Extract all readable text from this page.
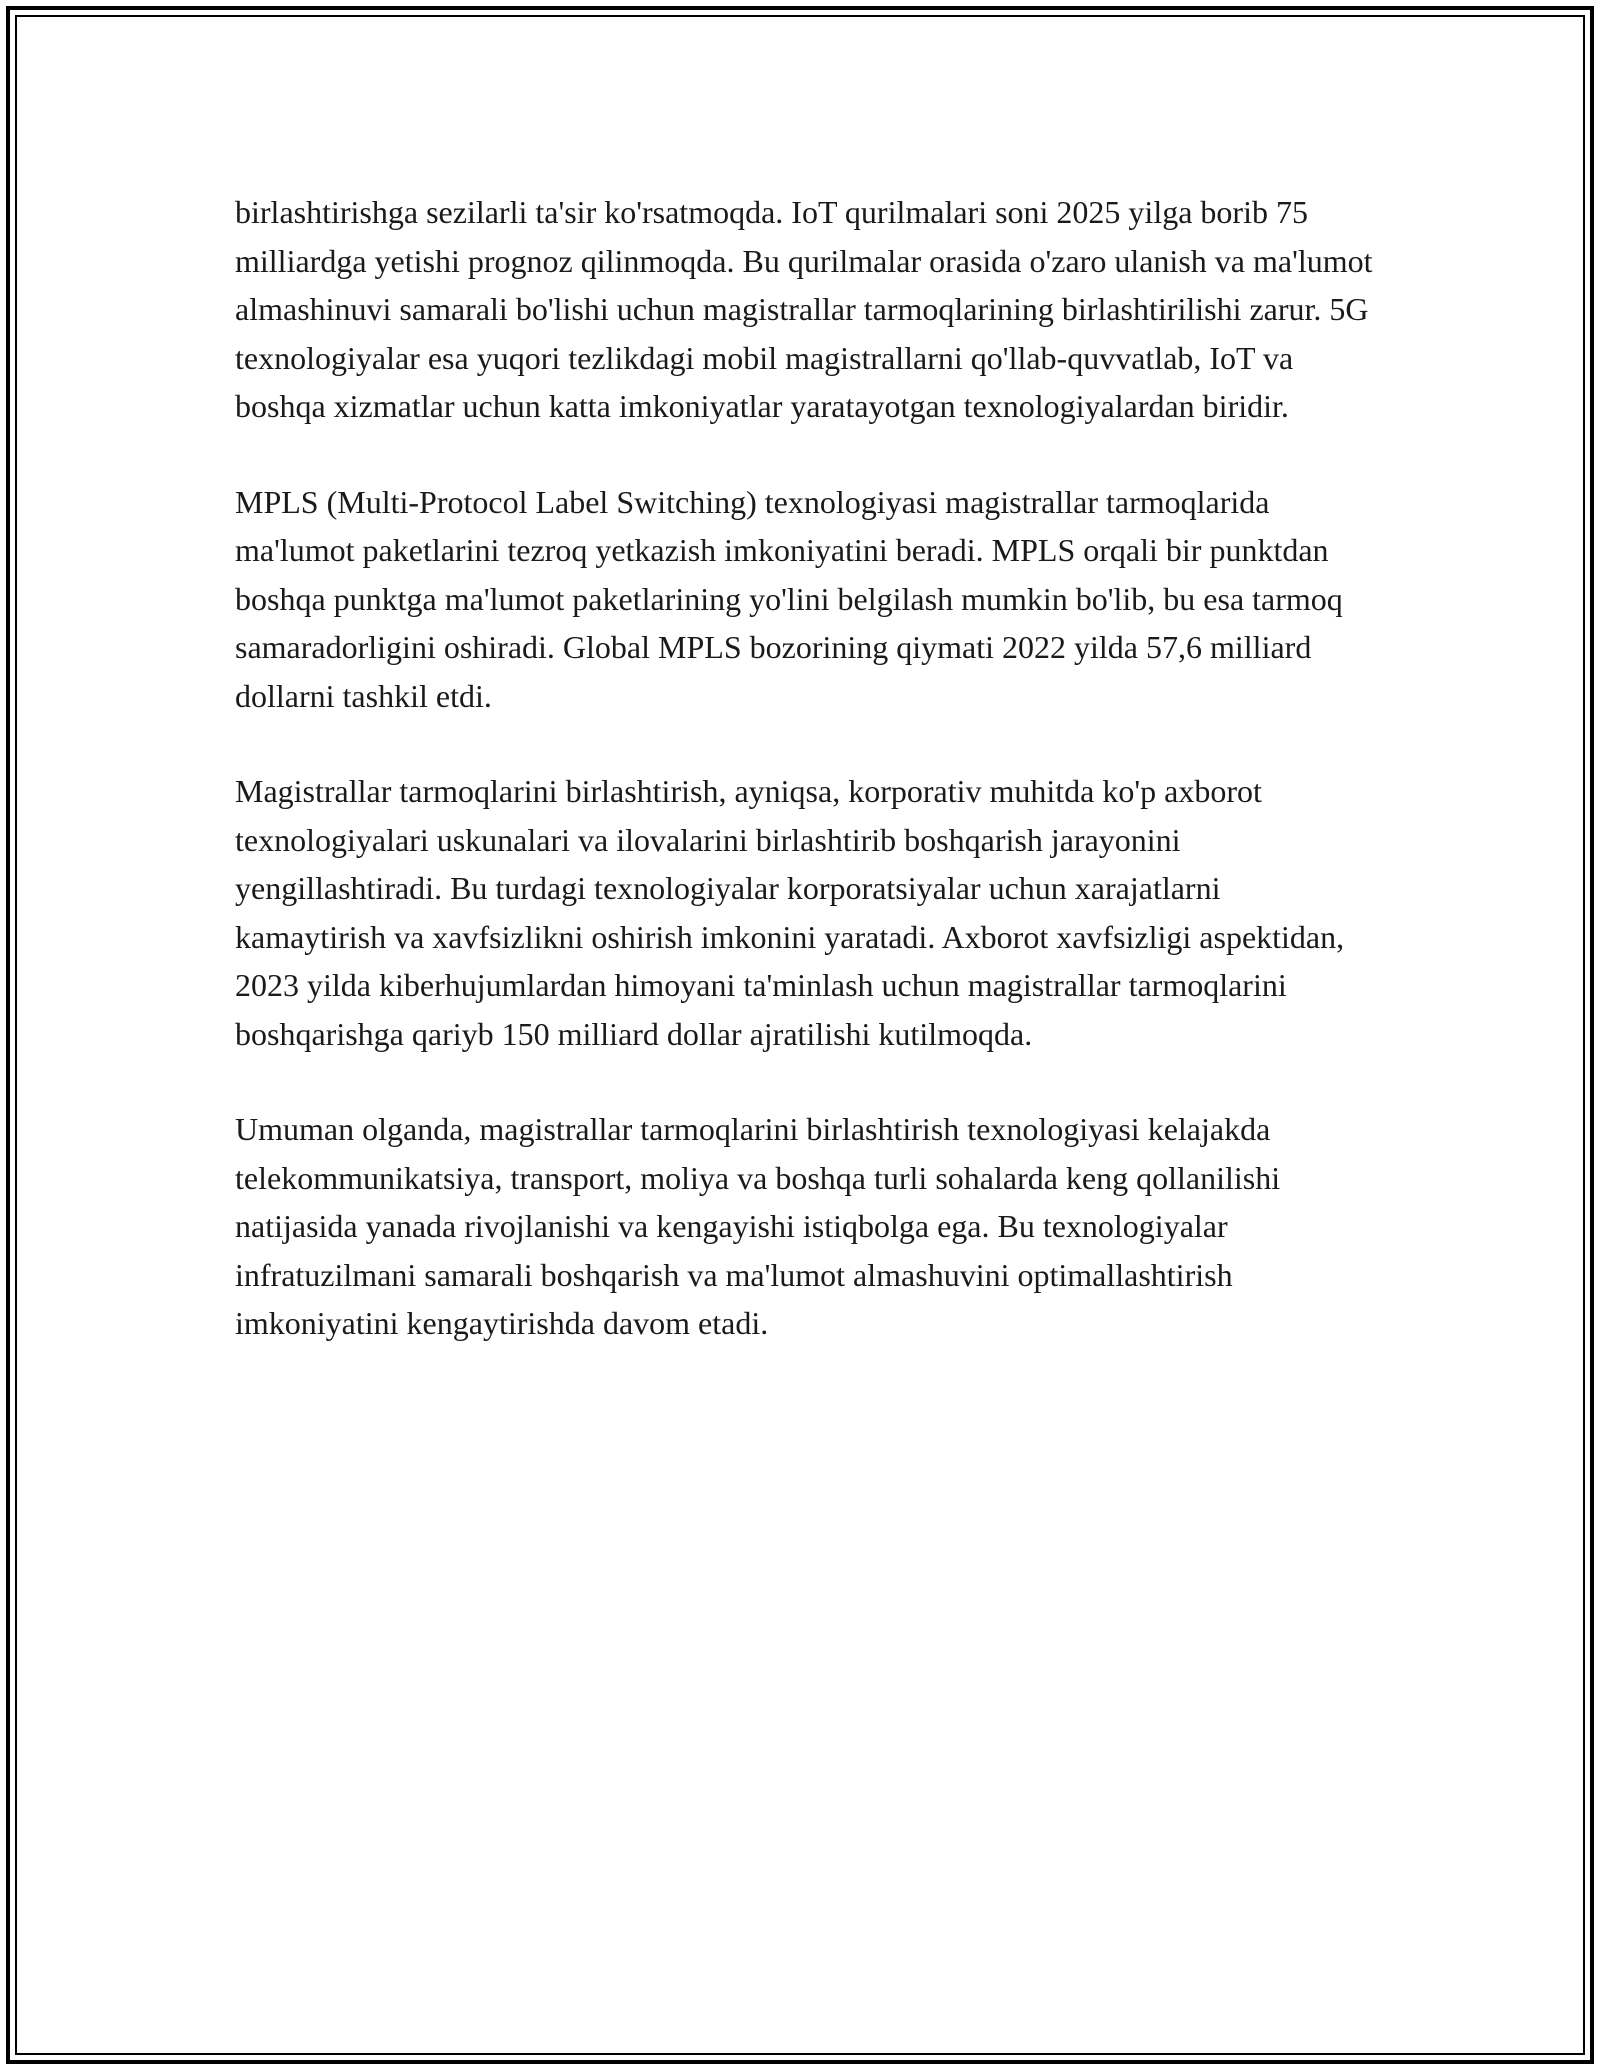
birlashtirishga sezilarli ta'sir ko'rsatmoqda. IoT qurilmalari soni 2025 yilga borib 75 milliardga yetishi prognoz qilinmoqda. Bu qurilmalar orasida o'zaro ulanish va ma'lumot almashinuvi samarali bo'lishi uchun magistrallar tarmoqlarining birlashtirilishi zarur. 5G texnologiyalar esa yuqori tezlikdagi mobil magistrallarni qo'llab-quvvatlab, IoT va boshqa xizmatlar uchun katta imkoniyatlar yaratayotgan texnologiyalardan biridir.

MPLS (Multi-Protocol Label Switching) texnologiyasi magistrallar tarmoqlarida ma'lumot paketlarini tezroq yetkazish imkoniyatini beradi. MPLS orqali bir punktdan boshqa punktga ma'lumot paketlarining yo'lini belgilash mumkin bo'lib, bu esa tarmoq samaradorligini oshiradi. Global MPLS bozorining qiymati 2022 yilda 57,6 milliard dollarni tashkil etdi.

Magistrallar tarmoqlarini birlashtirish, ayniqsa, korporativ muhitda ko'p axborot texnologiyalari uskunalari va ilovalarini birlashtirib boshqarish jarayonini yengillashtiradi. Bu turdagi texnologiyalar korporatsiyalar uchun xarajatlarni kamaytirish va xavfsizlikni oshirish imkonini yaratadi. Axborot xavfsizligi aspektidan, 2023 yilda kiberhujumlardan himoyani ta'minlash uchun magistrallar tarmoqlarini boshqarishga qariyb 150 milliard dollar ajratilishi kutilmoqda.

Umuman olganda, magistrallar tarmoqlarini birlashtirish texnologiyasi kelajakda telekommunikatsiya, transport, moliya va boshqa turli sohalarda keng qollanilishi natijasida yanada rivojlanishi va kengayishi istiqbolga ega. Bu texnologiyalar infratuzilmani samarali boshqarish va ma'lumot almashuvini optimallashtirish imkoniyatini kengaytirishda davom etadi.
